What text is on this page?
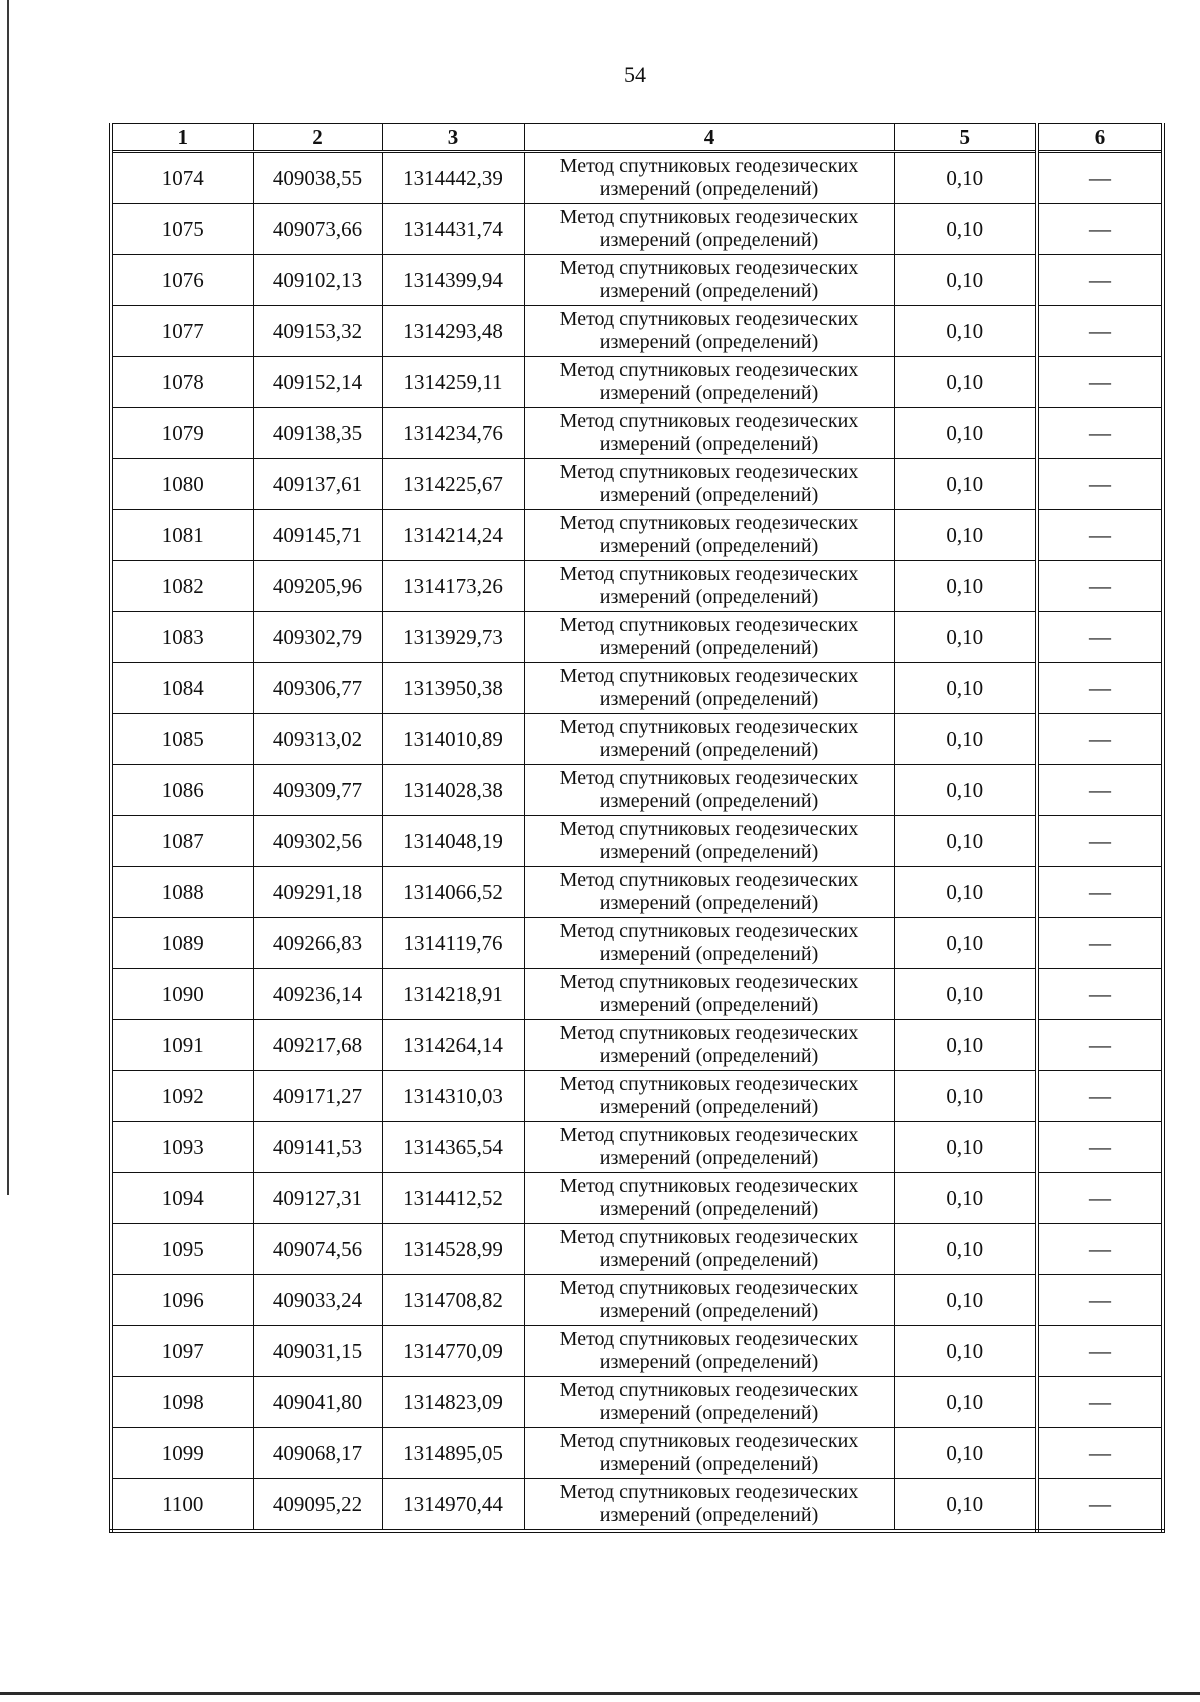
54
1	2	3	4	5	6
1074	409038,55	1314442,39	Метод спутниковых геодезических
измерений (определений)	0,10	—
1075	409073,66	1314431,74	Метод спутниковых геодезических
измерений (определений)	0,10	—
1076	409102,13	1314399,94	Метод спутниковых геодезических
измерений (определений)	0,10	—
1077	409153,32	1314293,48	Метод спутниковых геодезических
измерений (определений)	0,10	—
1078	409152,14	1314259,11	Метод спутниковых геодезических
измерений (определений)	0,10	—
1079	409138,35	1314234,76	Метод спутниковых геодезических
измерений (определений)	0,10	—
1080	409137,61	1314225,67	Метод спутниковых геодезических
измерений (определений)	0,10	—
1081	409145,71	1314214,24	Метод спутниковых геодезических
измерений (определений)	0,10	—
1082	409205,96	1314173,26	Метод спутниковых геодезических
измерений (определений)	0,10	—
1083	409302,79	1313929,73	Метод спутниковых геодезических
измерений (определений)	0,10	—
1084	409306,77	1313950,38	Метод спутниковых геодезических
измерений (определений)	0,10	—
1085	409313,02	1314010,89	Метод спутниковых геодезических
измерений (определений)	0,10	—
1086	409309,77	1314028,38	Метод спутниковых геодезических
измерений (определений)	0,10	—
1087	409302,56	1314048,19	Метод спутниковых геодезических
измерений (определений)	0,10	—
1088	409291,18	1314066,52	Метод спутниковых геодезических
измерений (определений)	0,10	—
1089	409266,83	1314119,76	Метод спутниковых геодезических
измерений (определений)	0,10	—
1090	409236,14	1314218,91	Метод спутниковых геодезических
измерений (определений)	0,10	—
1091	409217,68	1314264,14	Метод спутниковых геодезических
измерений (определений)	0,10	—
1092	409171,27	1314310,03	Метод спутниковых геодезических
измерений (определений)	0,10	—
1093	409141,53	1314365,54	Метод спутниковых геодезических
измерений (определений)	0,10	—
1094	409127,31	1314412,52	Метод спутниковых геодезических
измерений (определений)	0,10	—
1095	409074,56	1314528,99	Метод спутниковых геодезических
измерений (определений)	0,10	—
1096	409033,24	1314708,82	Метод спутниковых геодезических
измерений (определений)	0,10	—
1097	409031,15	1314770,09	Метод спутниковых геодезических
измерений (определений)	0,10	—
1098	409041,80	1314823,09	Метод спутниковых геодезических
измерений (определений)	0,10	—
1099	409068,17	1314895,05	Метод спутниковых геодезических
измерений (определений)	0,10	—
1100	409095,22	1314970,44	Метод спутниковых геодезических
измерений (определений)	0,10	—
